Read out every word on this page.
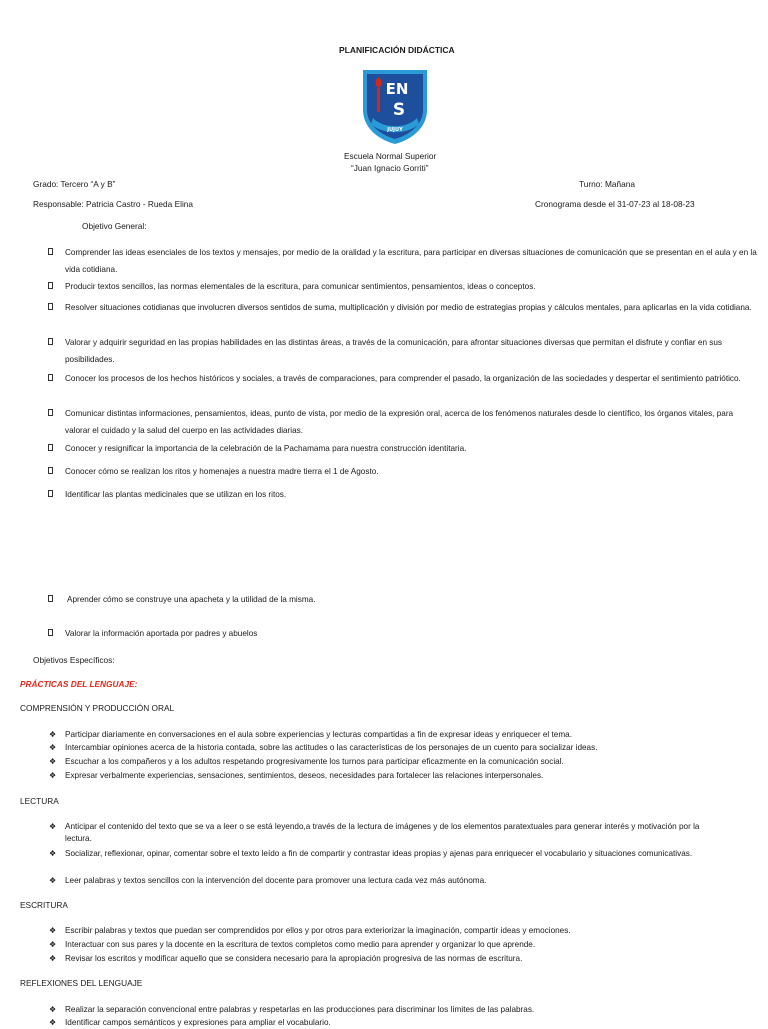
PLANIFICACIÓN DIDÁCTICA
JUJUY
EN
S
Escuela Normal Superior
“Juan Ignacio Gorriti”
Grado: Tercero “A y B”	Turno: Mañana
Responsable: Patricia Castro - Rueda Elina	Cronograma desde el 31-07-23 al 18-08-23
Objetivo General:
Comprender las ideas esenciales de los textos y mensajes, por medio de la oralidad y la escritura, para participar en diversas situaciones de comunicación que se presentan en el aula y en la vida cotidiana.
Producir textos sencillos, las normas elementales de la escritura, para comunicar sentimientos, pensamientos, ideas o conceptos.
Resolver situaciones cotidianas que involucren diversos sentidos de suma, multiplicación y división por medio de estrategias propias y cálculos mentales, para aplicarlas en la vida cotidiana.
Valorar y adquirir seguridad en las propias habilidades en las distintas áreas, a través de la comunicación, para afrontar situaciones diversas que permitan el disfrute y confiar en sus posibilidades.
Conocer los procesos de los hechos históricos y sociales, a través de comparaciones, para comprender el pasado, la organización de las sociedades y despertar el sentimiento patriótico.
Comunicar distintas informaciones, pensamientos, ideas, punto de vista, por medio de la expresión oral, acerca de los fenómenos naturales desde lo científico, los órganos vitales, para valorar el cuidado y la salud del cuerpo en las actividades diarias.
Conocer y resignificar la importancia de la celebración de la Pachamama para nuestra construcción identitaria.
Conocer cómo se realizan los ritos y homenajes a nuestra madre tierra el 1 de Agosto.
Identificar las plantas medicinales que se utilizan en los ritos.
Aprender cómo se construye una apacheta y la utilidad de la misma.
Valorar la información aportada por padres y abuelos
Objetivos Específicos:
PRÁCTICAS DEL LENGUAJE:
COMPRENSIÓN Y PRODUCCIÓN ORAL
❖ Participar diariamente en conversaciones en el aula sobre experiencias y lecturas compartidas a fin de expresar ideas y enriquecer el tema.
❖ Intercambiar opiniones acerca de la historia contada, sobre las actitudes o las características de los personajes de un cuento para socializar ideas.
❖ Escuchar a los compañeros y a los adultos respetando progresivamente los turnos para participar eficazmente en la comunicación social.
❖ Expresar verbalmente experiencias, sensaciones, sentimientos, deseos, necesidades para fortalecer las relaciones interpersonales.
LECTURA
❖ Anticipar el contenido del texto que se va a leer o se está leyendo,a través de la lectura de imágenes y de los elementos paratextuales para generar interés y motivación por la lectura.
❖ Socializar, reflexionar, opinar, comentar sobre el texto leído a fin de compartir y contrastar ideas propias y ajenas para enriquecer el vocabulario y situaciones comunicativas.
❖ Leer palabras y textos sencillos con la intervención del docente para promover una lectura cada vez más autónoma.
ESCRITURA
❖ Escribir palabras y textos que puedan ser comprendidos por ellos y por otros para exteriorizar la imaginación, compartir ideas y emociones.
❖ Interactuar con sus pares y la docente en la escritura de textos completos como medio para aprender y organizar lo que aprende.
❖ Revisar los escritos y modificar aquello que se considera necesario para la apropiación progresiva de las normas de escritura.
REFLEXIONES DEL LENGUAJE
❖ Realizar la separación convencional entre palabras y respetarlas en las producciones para discriminar los límites de las palabras.
❖ Identificar campos semánticos y expresiones para ampliar el vocabulario.
